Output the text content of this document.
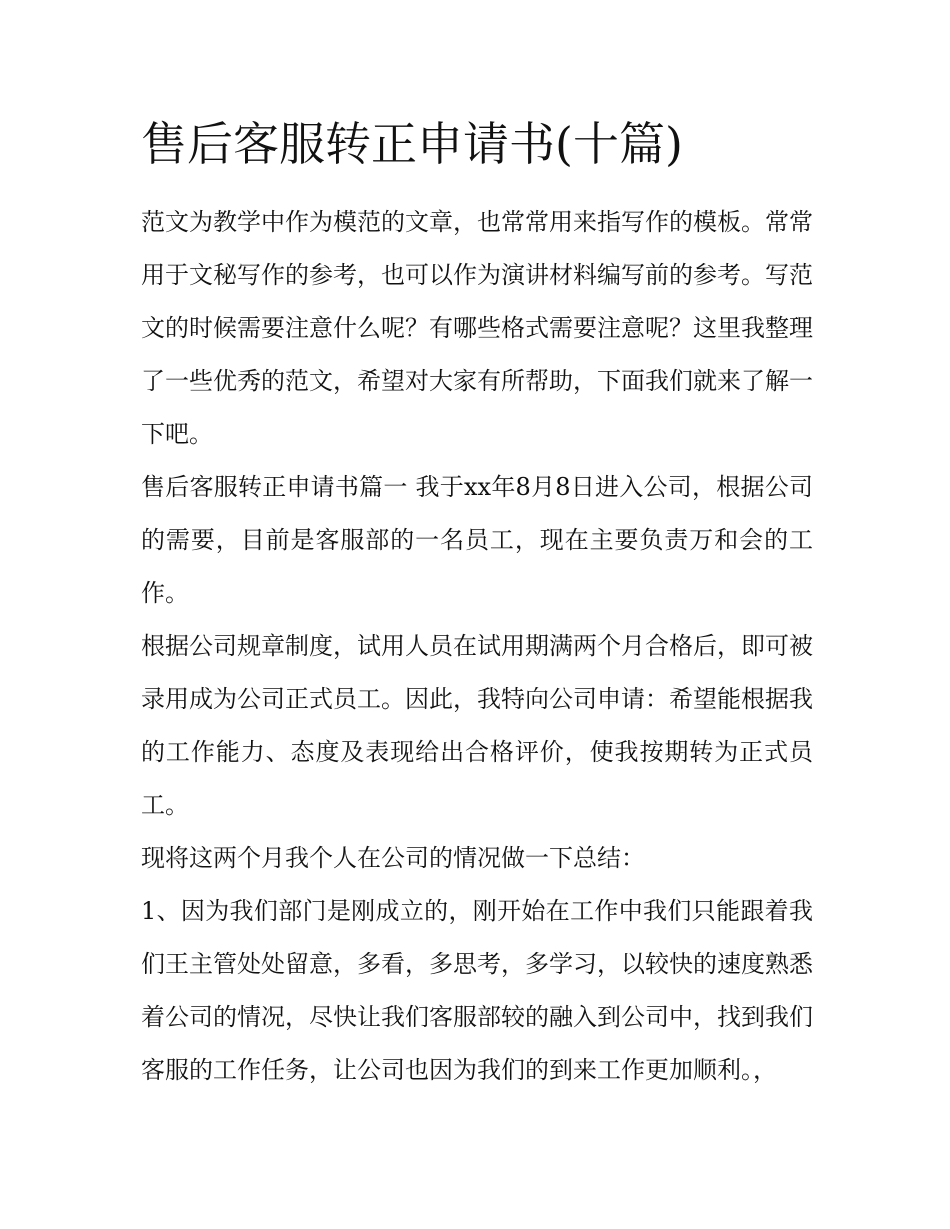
售后客服转正申请书(十篇)

范文为教学中作为模范的文章，也常常用来指写作的模板。常常用于文秘写作的参考，也可以作为演讲材料编写前的参考。写范文的时候需要注意什么呢？有哪些格式需要注意呢？这里我整理了一些优秀的范文，希望对大家有所帮助，下面我们就来了解一下吧。

售后客服转正申请书篇一 我于xx年8月8日进入公司，根据公司的需要，目前是客服部的一名员工，现在主要负责万和会的工作。

根据公司规章制度，试用人员在试用期满两个月合格后，即可被录用成为公司正式员工。因此，我特向公司申请：希望能根据我的工作能力、态度及表现给出合格评价，使我按期转为正式员工。

现将这两个月我个人在公司的情况做一下总结：

1、因为我们部门是刚成立的，刚开始在工作中我们只能跟着我们王主管处处留意，多看，多思考，多学习，以较快的速度熟悉着公司的情况，尽快让我们客服部较的融入到公司中，找到我们客服的工作任务，让公司也因为我们的到来工作更加顺利。，
